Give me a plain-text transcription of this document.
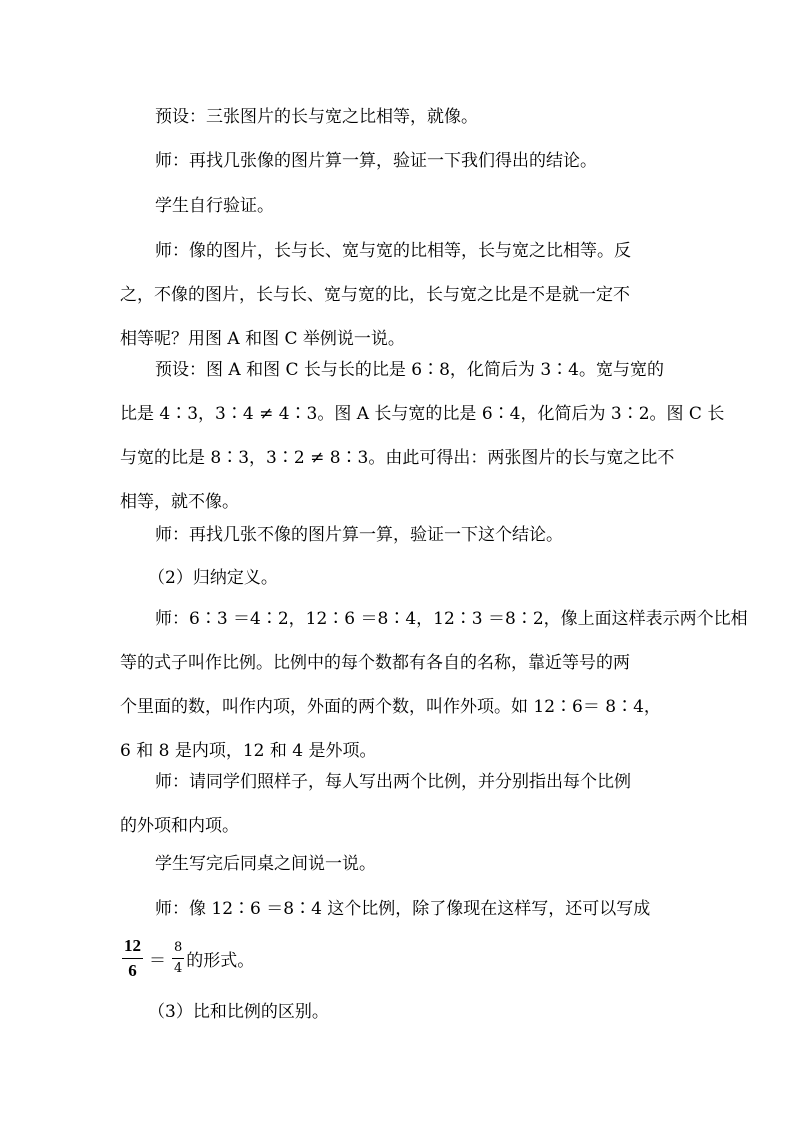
预设：三张图片的长与宽之比相等，就像。
师：再找几张像的图片算一算，验证一下我们得出的结论。
学生自行验证。
师：像的图片，长与长、宽与宽的比相等，长与宽之比相等。反
之，不像的图片，长与长、宽与宽的比，长与宽之比是不是就一定不
相等呢？用图 A 和图 C 举例说一说。
预设：图 A 和图 C 长与长的比是 6∶8，化简后为 3∶4。宽与宽的
比是 4∶3，3∶4 ≠ 4∶3。图 A 长与宽的比是 6∶4，化简后为 3∶2。图 C 长
与宽的比是 8∶3，3∶2 ≠ 8∶3。由此可得出：两张图片的长与宽之比不
相等，就不像。
师：再找几张不像的图片算一算，验证一下这个结论。
（2）归纳定义。
师：6∶3 ＝4∶2，12∶6 ＝8∶4，12∶3 ＝8∶2，像上面这样表示两个比相
等的式子叫作比例。比例中的每个数都有各自的名称，靠近等号的两
个里面的数，叫作内项，外面的两个数，叫作外项。如 12∶6＝ 8∶4，
6 和 8 是内项，12 和 4 是外项。
师：请同学们照样子，每人写出两个比例，并分别指出每个比例
的外项和内项。
学生写完后同桌之间说一说。
师：像 12∶6 ＝8∶4 这个比例，除了像现在这样写，还可以写成
$\frac{12}{6} = \frac{8}{4}$ 的形式。
（3）比和比例的区别。
